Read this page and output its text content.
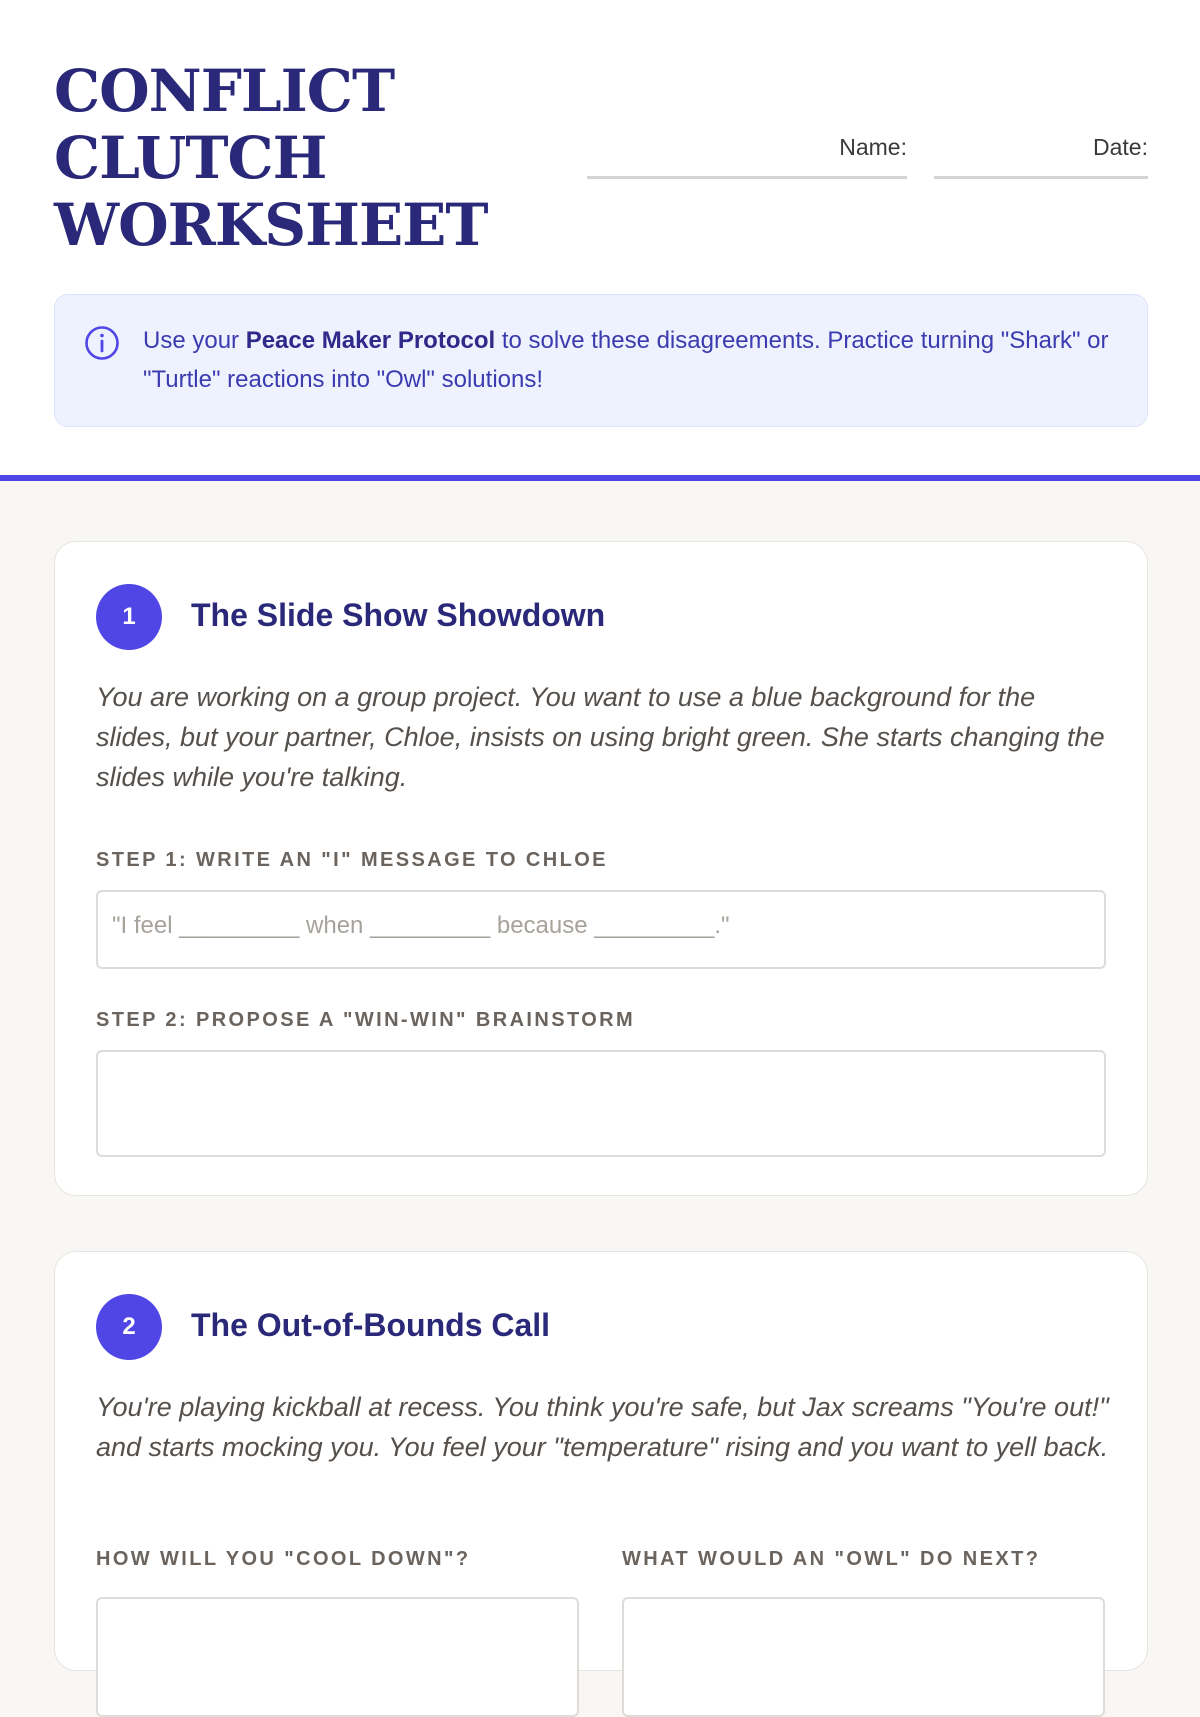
CONFLICT
CLUTCH
WORKSHEET
Name:	Date:

Use your Peace Maker Protocol to solve these disagreements. Practice turning "Shark" or "Turtle" reactions into "Owl" solutions!

1	The Slide Show Showdown

You are working on a group project. You want to use a blue background for the slides, but your partner, Chloe, insists on using bright green. She starts changing the slides while you're talking.

STEP 1: WRITE AN "I" MESSAGE TO CHLOE
"I feel _________ when _________ because _________."
STEP 2: PROPOSE A "WIN-WIN" BRAINSTORM
2	The Out-of-Bounds Call

You're playing kickball at recess. You think you're safe, but Jax screams "You're out!" and starts mocking you. You feel your "temperature" rising and you want to yell back.

HOW WILL YOU "COOL DOWN"?	WHAT WOULD AN "OWL" DO NEXT?
